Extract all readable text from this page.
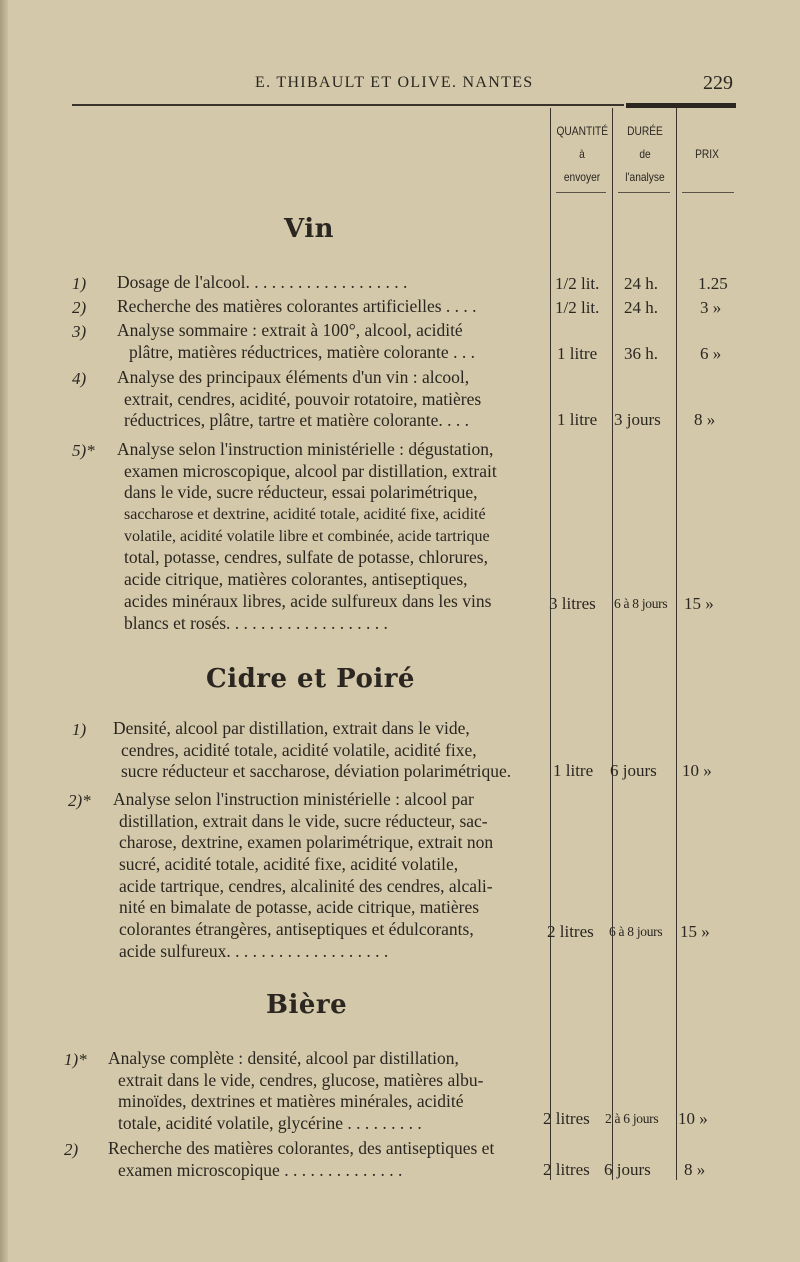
E. THIBAULT ET OLIVE. NANTES	229
QUANTITÉ
à
envoyer
DURÉE
de
l'analyse
PRIX
Vin
1) Dosage de l'alcool. . . . . . . . . . . . . . . . . . .	1/2 lit. 24 h. 1.25
2) Recherche des matières colorantes artificielles . . . .	1/2 lit. 24 h. 3 »
3) Analyse sommaire : extrait à 100°, alcool, acidité
plâtre, matières réductrices, matière colorante . . .	1 litre 36 h. 6 »
4) Analyse des principaux éléments d'un vin : alcool,
extrait, cendres, acidité, pouvoir rotatoire, matières
réductrices, plâtre, tartre et matière colorante. . . .	1 litre 3 jours 8 »
5)* Analyse selon l'instruction ministérielle : dégustation,
examen microscopique, alcool par distillation, extrait
dans le vide, sucre réducteur, essai polarimétrique,
saccharose et dextrine, acidité totale, acidité fixe, acidité
volatile, acidité volatile libre et combinée, acide tartrique
total, potasse, cendres, sulfate de potasse, chlorures,
acide citrique, matières colorantes, antiseptiques,
acides minéraux libres, acide sulfureux dans les vins
blancs et rosés. . . . . . . . . . . . . . . . . . .
3 litres 6 à 8 jours 15 »
Cidre et Poiré
1) Densité, alcool par distillation, extrait dans le vide,
cendres, acidité totale, acidité volatile, acidité fixe,
sucre réducteur et saccharose, déviation polarimétrique.	1 litre 6 jours 10 »
2)* Analyse selon l'instruction ministérielle : alcool par
distillation, extrait dans le vide, sucre réducteur, sac-
charose, dextrine, examen polarimétrique, extrait non
sucré, acidité totale, acidité fixe, acidité volatile,
acide tartrique, cendres, alcalinité des cendres, alcali-
nité en bimalate de potasse, acide citrique, matières
colorantes étrangères, antiseptiques et édulcorants,
acide sulfureux. . . . . . . . . . . . . . . . . . .
2 litres 6 à 8 jours 15 »
Bière
1)* Analyse complète : densité, alcool par distillation,
extrait dans le vide, cendres, glucose, matières albu-
minoïdes, dextrines et matières minérales, acidité
totale, acidité volatile, glycérine . . . . . . . . .	2 litres 2 à 6 jours 10 »
2) Recherche des matières colorantes, des antiseptiques et
examen microscopique . . . . . . . . . . . . . .	2 litres 6 jours 8 »
